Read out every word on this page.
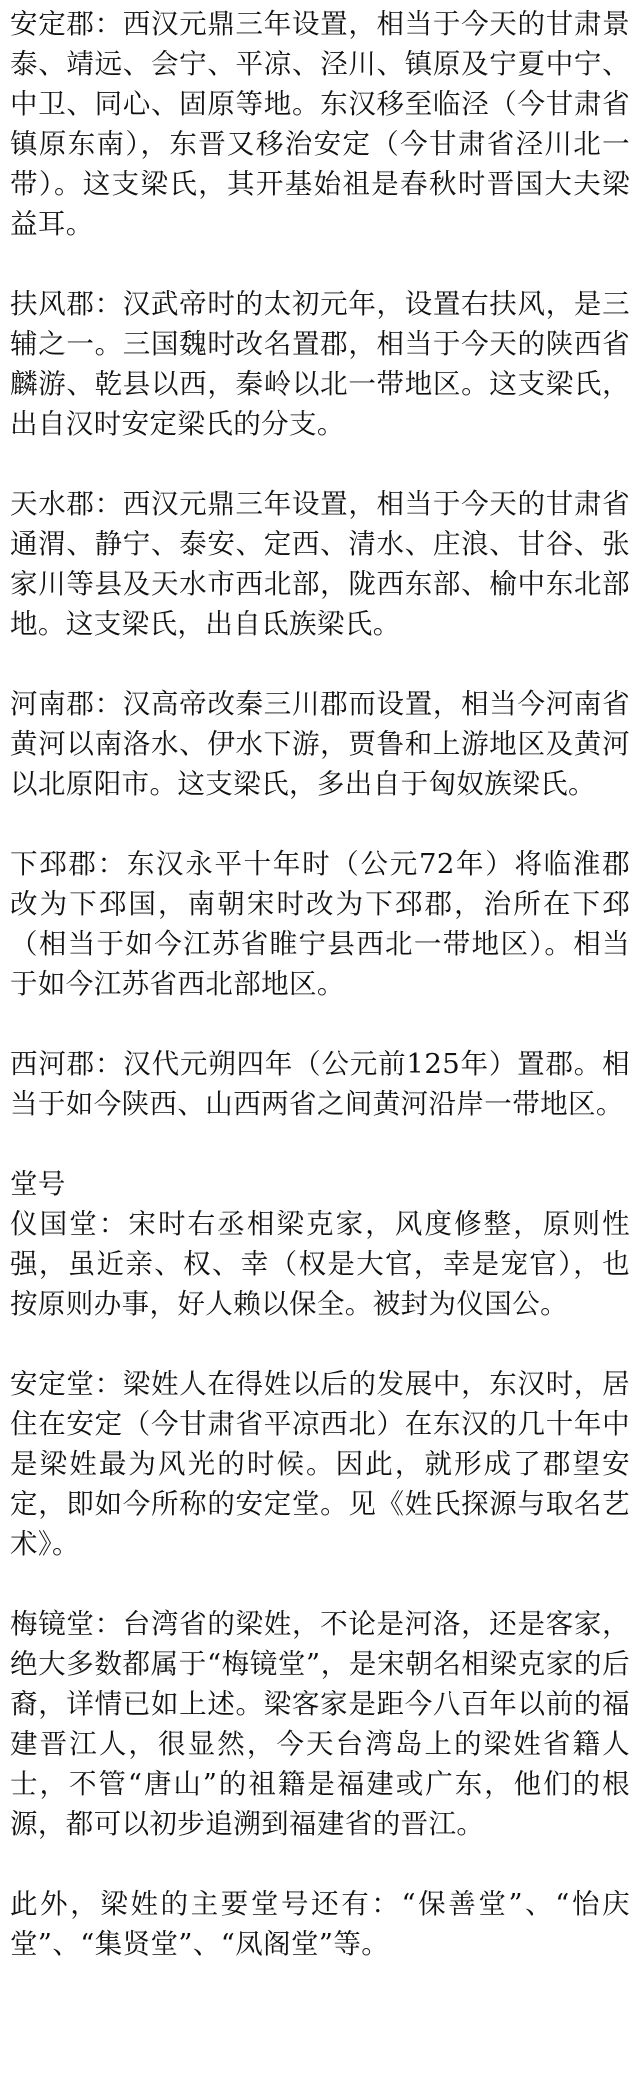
安定郡：西汉元鼎三年设置，相当于今天的甘肃景泰、靖远、会宁、平凉、泾川、镇原及宁夏中宁、中卫、同心、固原等地。东汉移至临泾（今甘肃省镇原东南），东晋又移治安定（今甘肃省泾川北一带）。这支梁氏，其开基始祖是春秋时晋国大夫梁益耳。

扶风郡：汉武帝时的太初元年，设置右扶风，是三辅之一。三国魏时改名置郡，相当于今天的陕西省麟游、乾县以西，秦岭以北一带地区。这支梁氏，出自汉时安定梁氏的分支。

天水郡：西汉元鼎三年设置，相当于今天的甘肃省通渭、静宁、泰安、定西、清水、庄浪、甘谷、张家川等县及天水市西北部，陇西东部、榆中东北部地。这支梁氏，出自氐族梁氏。

河南郡：汉高帝改秦三川郡而设置，相当今河南省黄河以南洛水、伊水下游，贾鲁和上游地区及黄河以北原阳市。这支梁氏，多出自于匈奴族梁氏。

下邳郡：东汉永平十年时（公元72年）将临淮郡改为下邳国，南朝宋时改为下邳郡，治所在下邳（相当于如今江苏省睢宁县西北一带地区）。相当于如今江苏省西北部地区。

西河郡：汉代元朔四年（公元前125年）置郡。相当于如今陕西、山西两省之间黄河沿岸一带地区。

堂号

仪国堂：宋时右丞相梁克家，风度修整，原则性强，虽近亲、权、幸（权是大官，幸是宠官），也按原则办事，好人赖以保全。被封为仪国公。

安定堂：梁姓人在得姓以后的发展中，东汉时，居住在安定（今甘肃省平凉西北）在东汉的几十年中是梁姓最为风光的时候。因此，就形成了郡望安定，即如今所称的安定堂。见《姓氏探源与取名艺术》。

梅镜堂：台湾省的梁姓，不论是河洛，还是客家，绝大多数都属于“梅镜堂”，是宋朝名相梁克家的后裔，详情已如上述。梁客家是距今八百年以前的福建晋江人，很显然，今天台湾岛上的梁姓省籍人士，不管“唐山”的祖籍是福建或广东，他们的根源，都可以初步追溯到福建省的晋江。

此外，梁姓的主要堂号还有：“保善堂”、“怡庆堂”、“集贤堂”、“凤阁堂”等。
